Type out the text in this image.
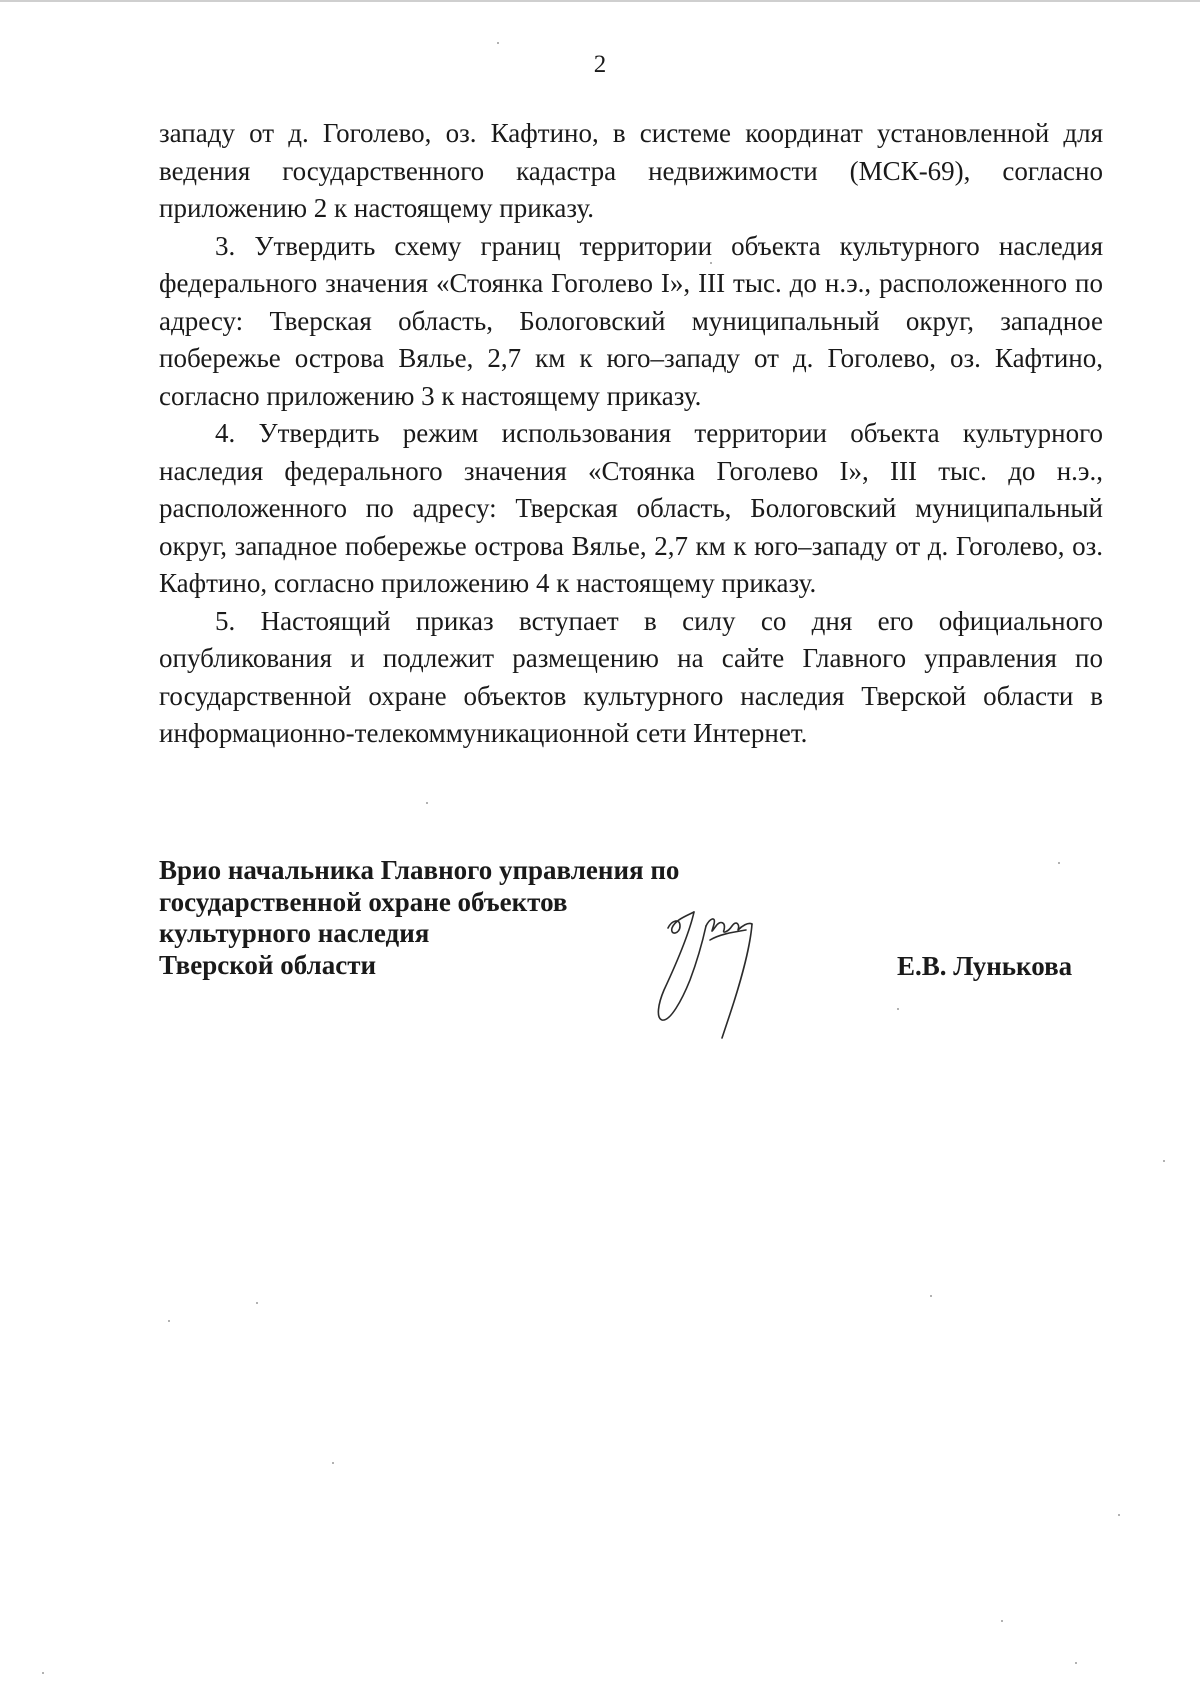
2

западу от д. Гоголево, оз. Кафтино, в системе координат установленной для ведения государственного кадастра недвижимости (МСК-69), согласно приложению 2 к настоящему приказу.

3. Утвердить схему границ территории объекта культурного наследия федерального значения «Стоянка Гоголево I», III тыс. до н.э., расположенного по адресу: Тверская область, Бологовский муниципальный округ, западное побережье острова Вялье, 2,7 км к юго–западу от д. Гоголево, оз. Кафтино, согласно приложению 3 к настоящему приказу.

4. Утвердить режим использования территории объекта культурного наследия федерального значения «Стоянка Гоголево I», III тыс. до н.э., расположенного по адресу: Тверская область, Бологовский муниципальный округ, западное побережье острова Вялье, 2,7 км к юго–западу от д. Гоголево, оз. Кафтино, согласно приложению 4 к настоящему приказу.

5. Настоящий приказ вступает в силу со дня его официального опубликования и подлежит размещению на сайте Главного управления по государственной охране объектов культурного наследия Тверской области в информационно-телекоммуникационной сети Интернет.

Врио начальника Главного управления по
государственной охране объектов
культурного наследия
Тверской области	Е.В. Лунькова
